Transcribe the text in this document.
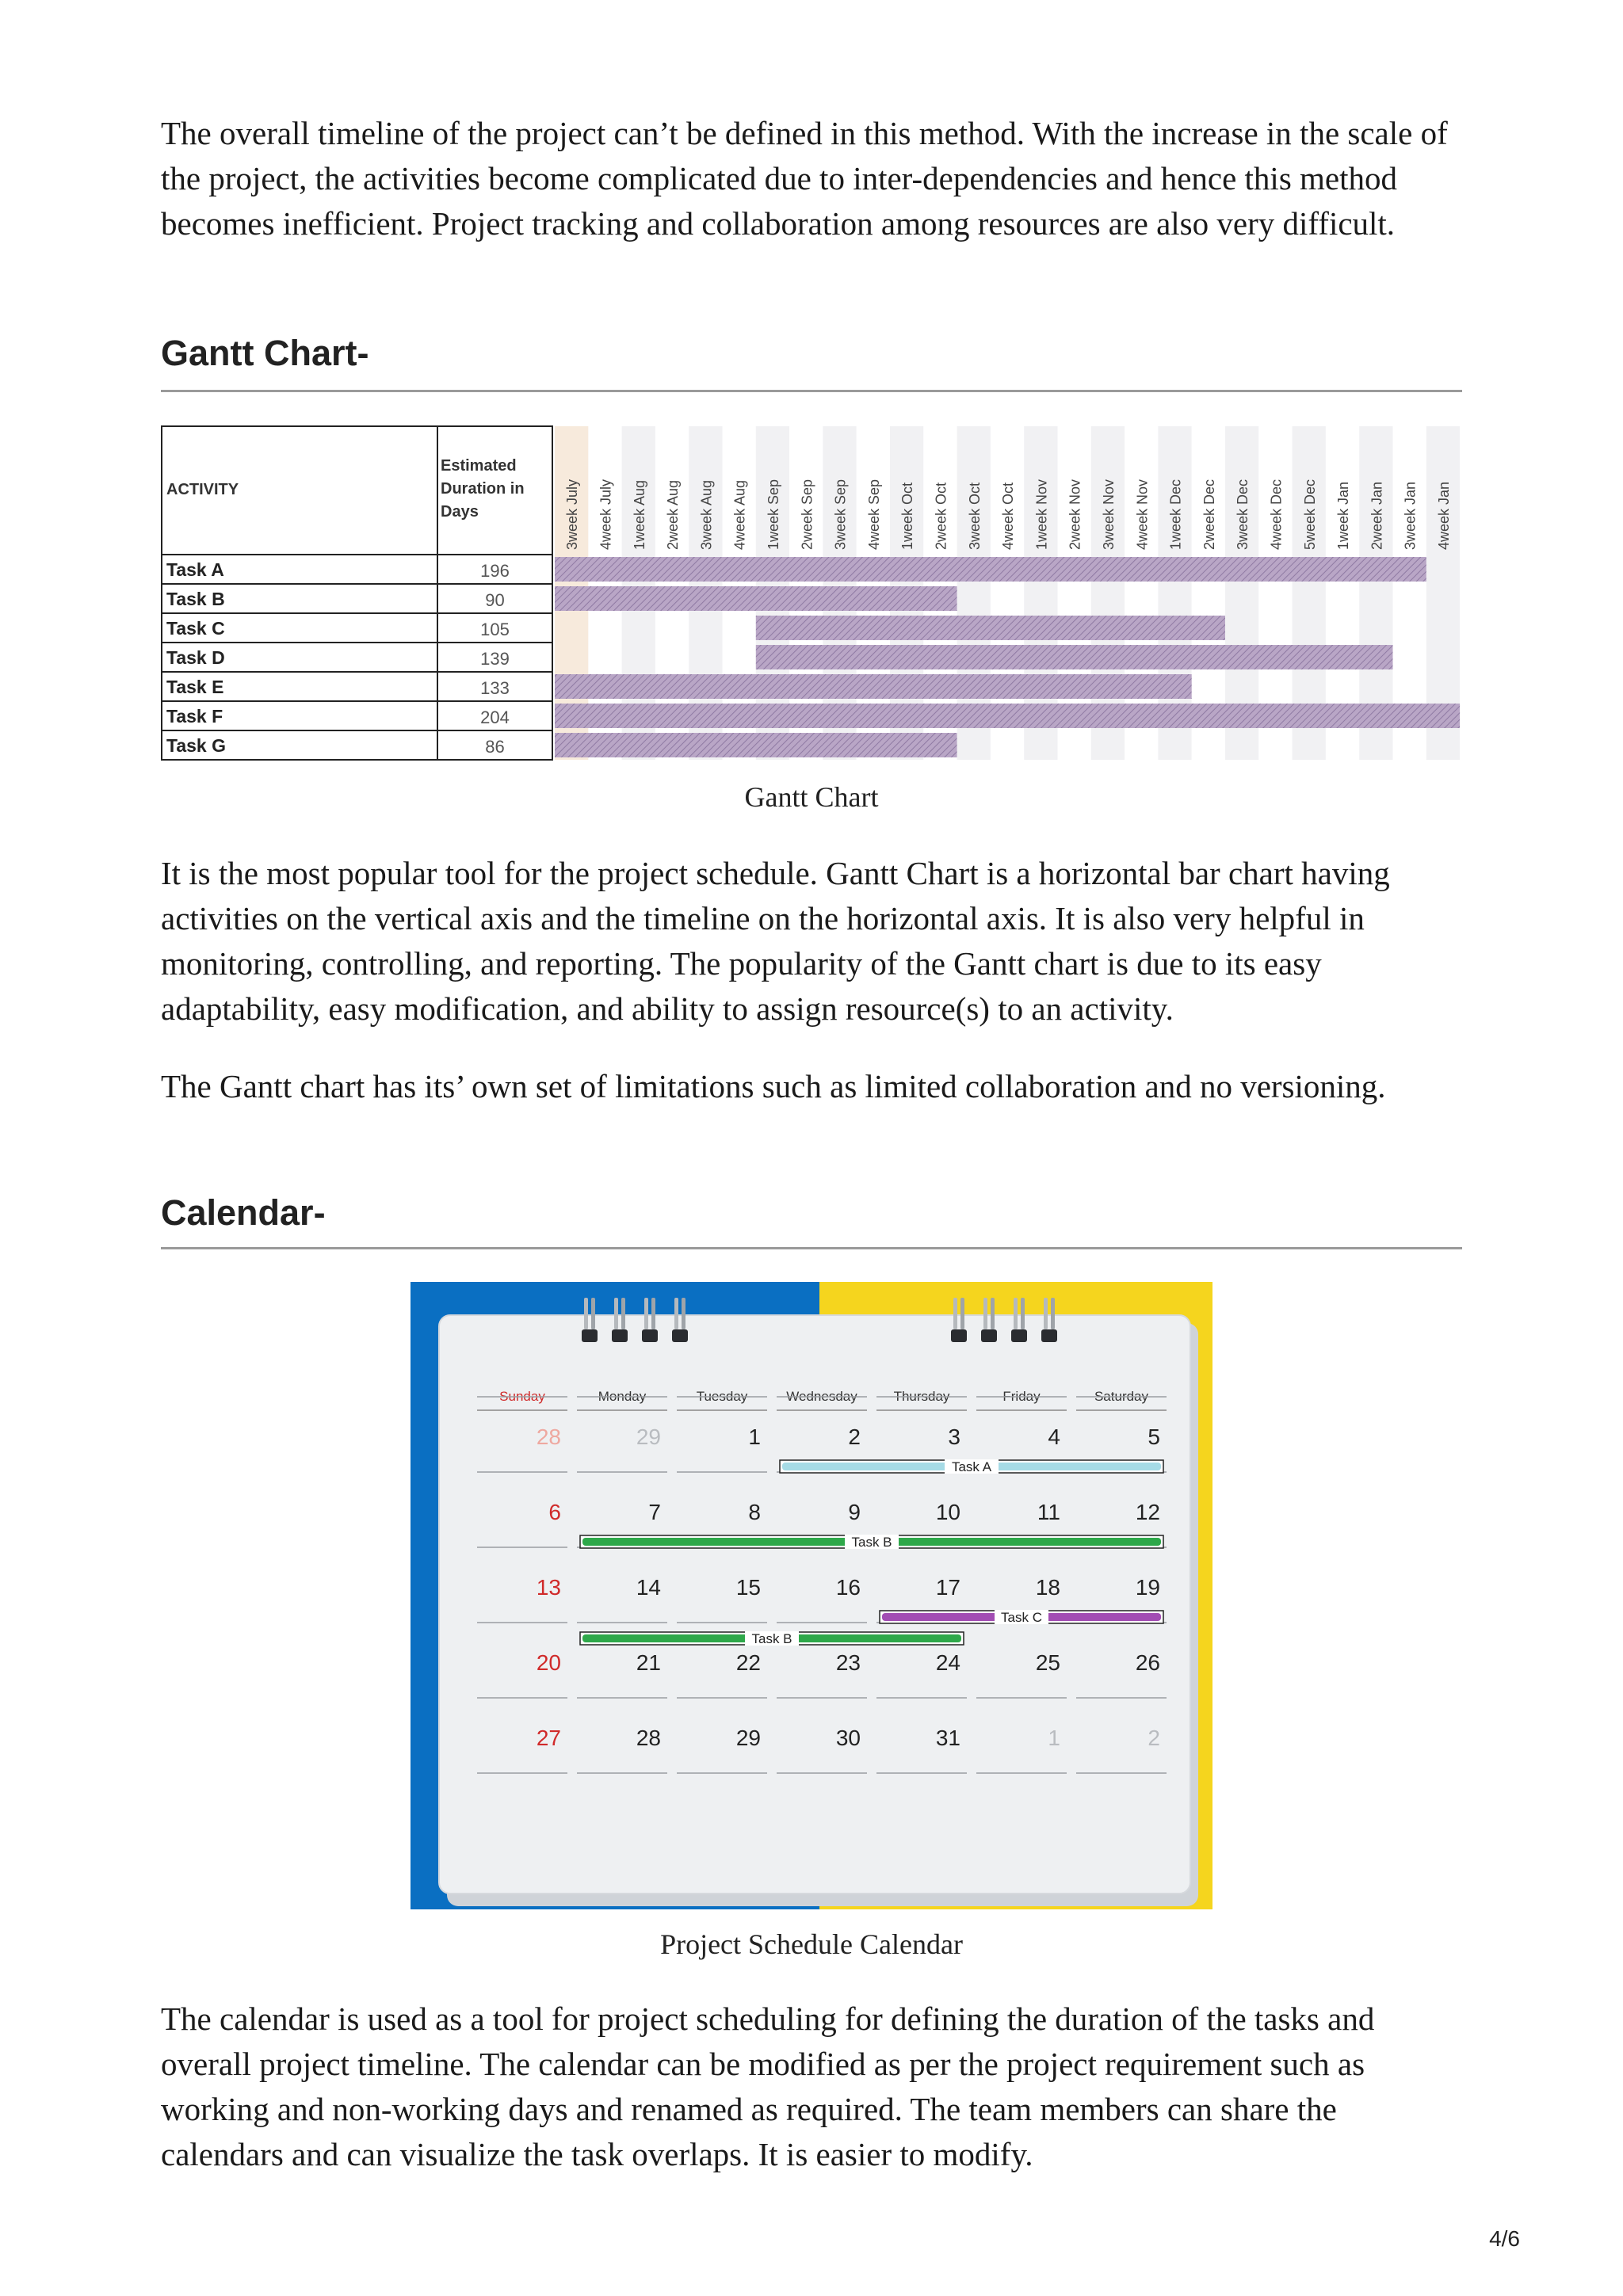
The overall timeline of the project can’t be defined in this method. With the increase in the scale of the project, the activities become complicated due to inter-dependencies and hence this method becomes inefficient. Project tracking and collaboration among resources are also very difficult.

Gantt Chart-
ACTIVITY
Estimated
Duration in
Days	3week July 4week July 1week Aug 2week Aug 3week Aug 4week Aug 1week Sep 2week Sep 3week Sep 4week Sep 1week Oct 2week Oct 3week Oct 4week Oct 1week Nov 2week Nov 3week Nov 4week Nov 1week Dec 2week Dec 3week Dec 4week Dec 5week Dec 1week Jan 2week Jan 3week Jan 4week Jan
Task A	196
Task B	90
Task C	105
Task D	139
Task E	133
Task F	204
Task G	86
Gantt Chart

It is the most popular tool for the project schedule. Gantt Chart is a horizontal bar chart having activities on the vertical axis and the timeline on the horizontal axis. It is also very helpful in monitoring, controlling, and reporting. The popularity of the Gantt chart is due to its easy adaptability, easy modification, and ability to assign resource(s) to an activity.

The Gantt chart has its’ own set of limitations such as limited collaboration and no versioning.

Calendar-
Sunday	Monday	Tuesday	Wednesday	Thursday	Friday	Saturday
28	29	1	2	3	4	5
6	7	8	9	10	11	12
13	14	15	16	17	18	19
20	21	22	23	24	25	26
27	28	29	30	31	1	2
Task A
Task B
Task C
Task B
Project Schedule Calendar

The calendar is used as a tool for project scheduling for defining the duration of the tasks and overall project timeline. The calendar can be modified as per the project requirement such as working and non-working days and renamed as required. The team members can share the calendars and can visualize the task overlaps. It is easier to modify.

4/6
